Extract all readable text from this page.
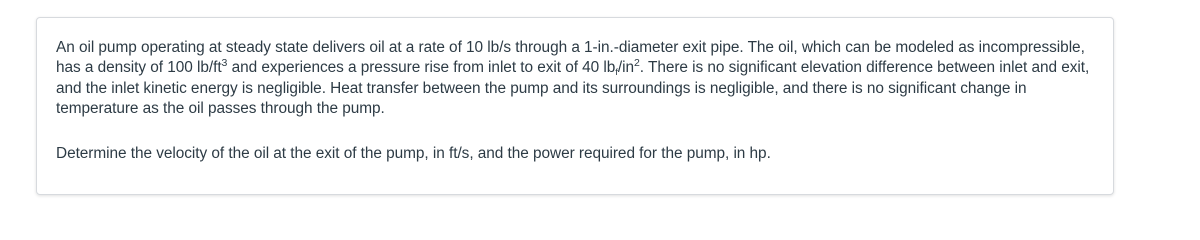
An oil pump operating at steady state delivers oil at a rate of 10 lb/s through a 1-in.-diameter exit pipe. The oil, which can be modeled as incompressible, has a density of 100 $lb/ft^3$ and experiences a pressure rise from inlet to exit of 40 $lb_f/in^2$. There is no significant elevation difference between inlet and exit, and the inlet kinetic energy is negligible. Heat transfer between the pump and its surroundings is negligible, and there is no significant change in temperature as the oil passes through the pump.

Determine the velocity of the oil at the exit of the pump, in ft/s, and the power required for the pump, in hp.
